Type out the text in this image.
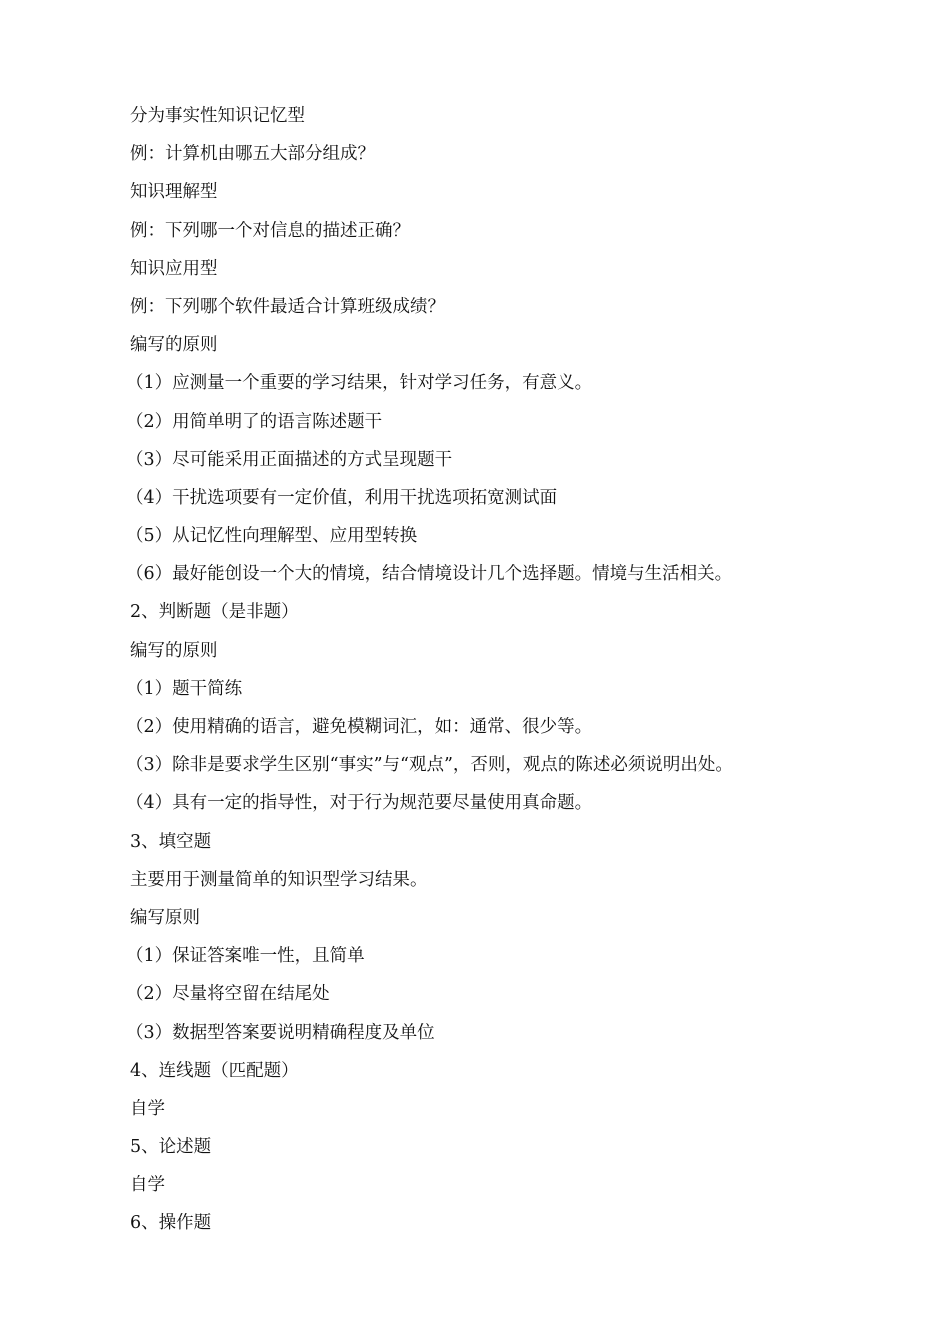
分为事实性知识记忆型
例：计算机由哪五大部分组成？
知识理解型
例：下列哪一个对信息的描述正确？
知识应用型
例：下列哪个软件最适合计算班级成绩？
编写的原则
（1）应测量一个重要的学习结果，针对学习任务，有意义。
（2）用简单明了的语言陈述题干
（3）尽可能采用正面描述的方式呈现题干
（4）干扰选项要有一定价值，利用干扰选项拓宽测试面
（5）从记忆性向理解型、应用型转换
（6）最好能创设一个大的情境，结合情境设计几个选择题。情境与生活相关。
2、判断题（是非题）
编写的原则
（1）题干简练
（2）使用精确的语言，避免模糊词汇，如：通常、很少等。
（3）除非是要求学生区别“事实”与“观点”，否则，观点的陈述必须说明出处。
（4）具有一定的指导性，对于行为规范要尽量使用真命题。
3、填空题
主要用于测量简单的知识型学习结果。
编写原则
（1）保证答案唯一性，且简单
（2）尽量将空留在结尾处
（3）数据型答案要说明精确程度及单位
4、连线题（匹配题）
自学
5、论述题
自学
6、操作题
